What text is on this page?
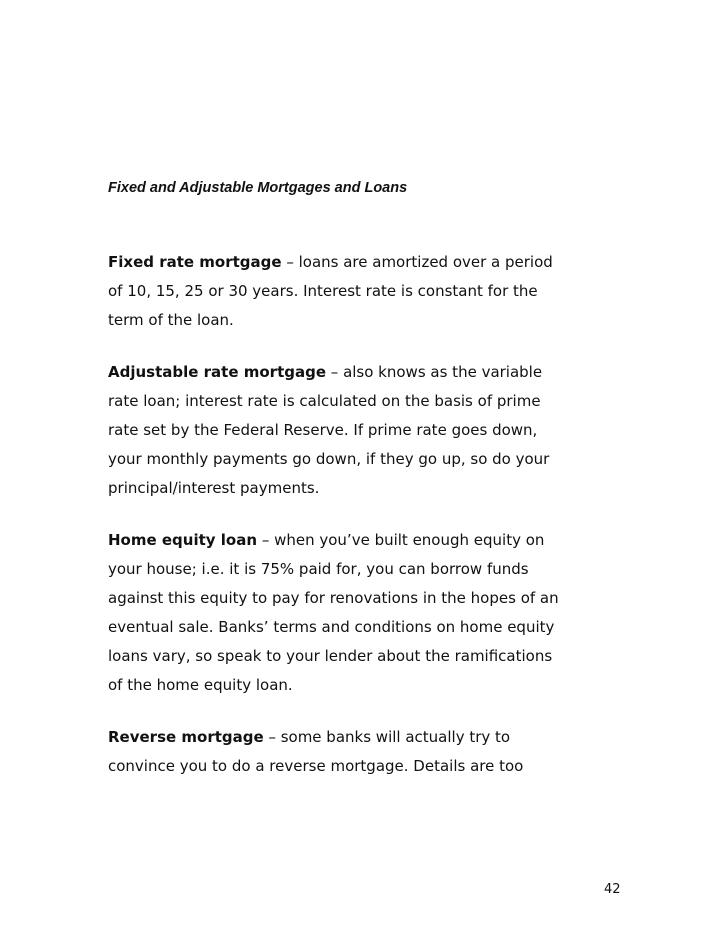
Fixed and Adjustable Mortgages and Loans

Fixed rate mortgage – loans are amortized over a period
of 10, 15, 25 or 30 years. Interest rate is constant for the
term of the loan.

Adjustable rate mortgage – also knows as the variable
rate loan; interest rate is calculated on the basis of prime
rate set by the Federal Reserve. If prime rate goes down,
your monthly payments go down, if they go up, so do your
principal/interest payments.

Home equity loan – when you’ve built enough equity on
your house; i.e. it is 75% paid for, you can borrow funds
against this equity to pay for renovations in the hopes of an
eventual sale. Banks’ terms and conditions on home equity
loans vary, so speak to your lender about the ramifications
of the home equity loan.

Reverse mortgage – some banks will actually try to
convince you to do a reverse mortgage. Details are too

42
